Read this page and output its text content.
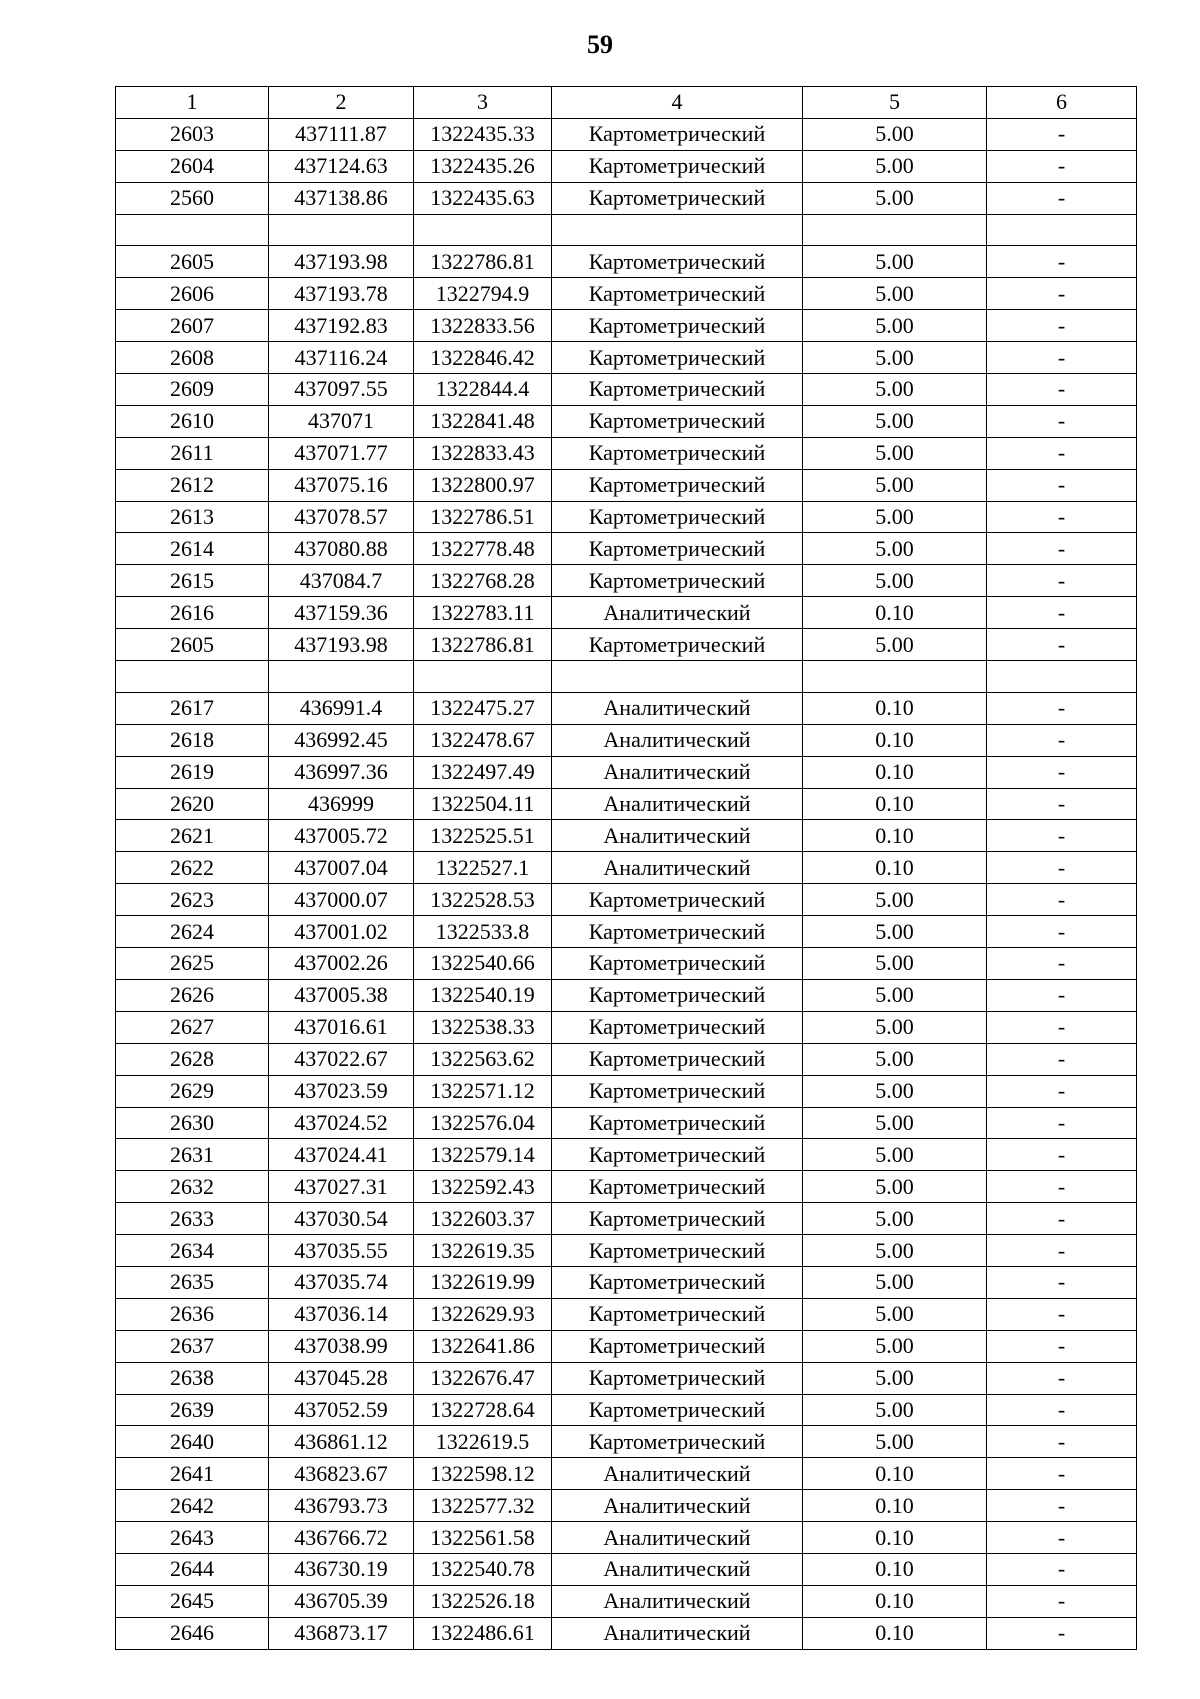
59
1	2	3	4	5	6
2603	437111.87	1322435.33	Картометрический	5.00	-
2604	437124.63	1322435.26	Картометрический	5.00	-
2560	437138.86	1322435.63	Картометрический	5.00	-

2605	437193.98	1322786.81	Картометрический	5.00	-
2606	437193.78	1322794.9	Картометрический	5.00	-
2607	437192.83	1322833.56	Картометрический	5.00	-
2608	437116.24	1322846.42	Картометрический	5.00	-
2609	437097.55	1322844.4	Картометрический	5.00	-
2610	437071	1322841.48	Картометрический	5.00	-
2611	437071.77	1322833.43	Картометрический	5.00	-
2612	437075.16	1322800.97	Картометрический	5.00	-
2613	437078.57	1322786.51	Картометрический	5.00	-
2614	437080.88	1322778.48	Картометрический	5.00	-
2615	437084.7	1322768.28	Картометрический	5.00	-
2616	437159.36	1322783.11	Аналитический	0.10	-
2605	437193.98	1322786.81	Картометрический	5.00	-

2617	436991.4	1322475.27	Аналитический	0.10	-
2618	436992.45	1322478.67	Аналитический	0.10	-
2619	436997.36	1322497.49	Аналитический	0.10	-
2620	436999	1322504.11	Аналитический	0.10	-
2621	437005.72	1322525.51	Аналитический	0.10	-
2622	437007.04	1322527.1	Аналитический	0.10	-
2623	437000.07	1322528.53	Картометрический	5.00	-
2624	437001.02	1322533.8	Картометрический	5.00	-
2625	437002.26	1322540.66	Картометрический	5.00	-
2626	437005.38	1322540.19	Картометрический	5.00	-
2627	437016.61	1322538.33	Картометрический	5.00	-
2628	437022.67	1322563.62	Картометрический	5.00	-
2629	437023.59	1322571.12	Картометрический	5.00	-
2630	437024.52	1322576.04	Картометрический	5.00	-
2631	437024.41	1322579.14	Картометрический	5.00	-
2632	437027.31	1322592.43	Картометрический	5.00	-
2633	437030.54	1322603.37	Картометрический	5.00	-
2634	437035.55	1322619.35	Картометрический	5.00	-
2635	437035.74	1322619.99	Картометрический	5.00	-
2636	437036.14	1322629.93	Картометрический	5.00	-
2637	437038.99	1322641.86	Картометрический	5.00	-
2638	437045.28	1322676.47	Картометрический	5.00	-
2639	437052.59	1322728.64	Картометрический	5.00	-
2640	436861.12	1322619.5	Картометрический	5.00	-
2641	436823.67	1322598.12	Аналитический	0.10	-
2642	436793.73	1322577.32	Аналитический	0.10	-
2643	436766.72	1322561.58	Аналитический	0.10	-
2644	436730.19	1322540.78	Аналитический	0.10	-
2645	436705.39	1322526.18	Аналитический	0.10	-
2646	436873.17	1322486.61	Аналитический	0.10	-
